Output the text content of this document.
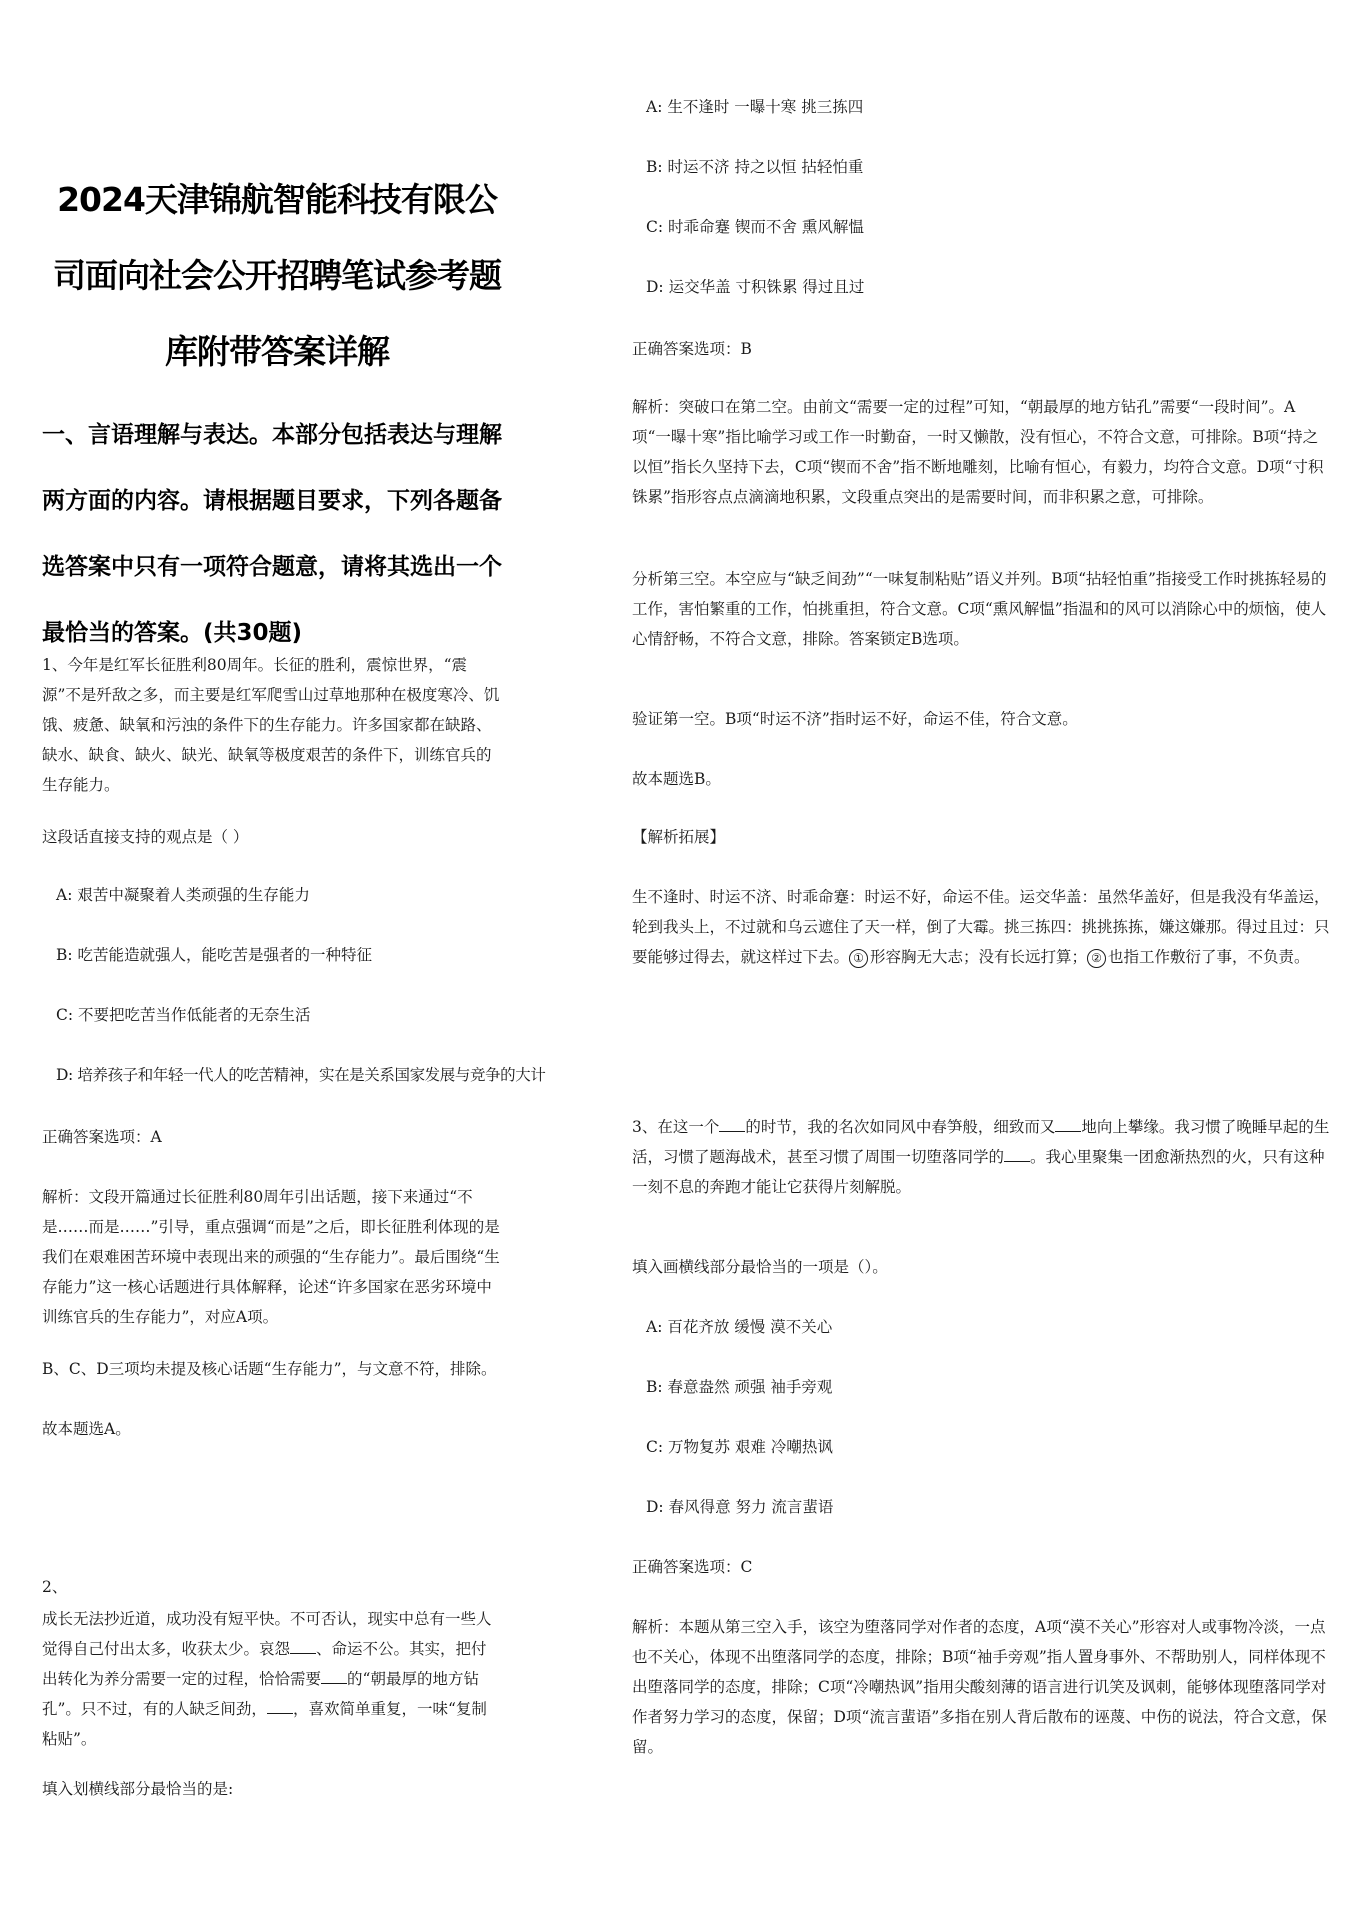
2024天津锦航智能科技有限公司面向社会公开招聘笔试参考题库附带答案详解

一、言语理解与表达。本部分包括表达与理解两方面的内容。请根据题目要求，下列各题备选答案中只有一项符合题意，请将其选出一个最恰当的答案。(共30题)

1、今年是红军长征胜利80周年。长征的胜利，震惊世界，“震源”不是歼敌之多，而主要是红军爬雪山过草地那种在极度寒冷、饥饿、疲惫、缺氧和污浊的条件下的生存能力。许多国家都在缺路、缺水、缺食、缺火、缺光、缺氧等极度艰苦的条件下，训练官兵的生存能力。

这段话直接支持的观点是（ ）

A: 艰苦中凝聚着人类顽强的生存能力

B: 吃苦能造就强人，能吃苦是强者的一种特征

C: 不要把吃苦当作低能者的无奈生活

D: 培养孩子和年轻一代人的吃苦精神，实在是关系国家发展与竞争的大计

正确答案选项：A

解析：文段开篇通过长征胜利80周年引出话题，接下来通过“不是……而是……”引导，重点强调“而是”之后，即长征胜利体现的是我们在艰难困苦环境中表现出来的顽强的“生存能力”。最后围绕“生存能力”这一核心话题进行具体解释，论述“许多国家在恶劣环境中训练官兵的生存能力”，对应A项。

B、C、D三项均未提及核心话题“生存能力”，与文意不符，排除。

故本题选A。

2、

成长无法抄近道，成功没有短平快。不可否认，现实中总有一些人觉得自己付出太多，收获太少。哀怨 、命运不公。其实，把付出转化为养分需要一定的过程，恰恰需要 的“朝最厚的地方钻孔”。只不过，有的人缺乏间劲， ，喜欢简单重复，一味“复制粘贴”。

填入划横线部分最恰当的是:

A: 生不逢时 一曝十寒 挑三拣四

B: 时运不济 持之以恒 拈轻怕重

C: 时乖命蹇 锲而不舍 熏风解愠

D: 运交华盖 寸积铢累 得过且过

正确答案选项：B

解析：突破口在第二空。由前文“需要一定的过程”可知，“朝最厚的地方钻孔”需要“一段时间”。A项“一曝十寒”指比喻学习或工作一时勤奋，一时又懒散，没有恒心，不符合文意，可排除。B项“持之以恒”指长久坚持下去，C项“锲而不舍”指不断地雕刻，比喻有恒心，有毅力，均符合文意。D项“寸积铢累”指形容点点滴滴地积累，文段重点突出的是需要时间，而非积累之意，可排除。

分析第三空。本空应与“缺乏间劲”“一味复制粘贴”语义并列。B项“拈轻怕重”指接受工作时挑拣轻易的工作，害怕繁重的工作，怕挑重担，符合文意。C项“熏风解愠”指温和的风可以消除心中的烦恼，使人心情舒畅，不符合文意，排除。答案锁定B选项。

验证第一空。B项“时运不济”指时运不好，命运不佳，符合文意。

故本题选B。

【解析拓展】

生不逢时、时运不济、时乖命蹇：时运不好，命运不佳。运交华盖：虽然华盖好，但是我没有华盖运，轮到我头上，不过就和乌云遮住了天一样，倒了大霉。挑三拣四：挑挑拣拣，嫌这嫌那。得过且过：只要能够过得去，就这样过下去。 ① 形容胸无大志；没有长远打算； ② 也指工作敷衍了事，不负责。

3、在这一个 的时节，我的名次如同风中春笋般，细致而又 地向上攀缘。我习惯了晚睡早起的生活，习惯了题海战术，甚至习惯了周围一切堕落同学的 。我心里聚集一团愈渐热烈的火，只有这种一刻不息的奔跑才能让它获得片刻解脱。

填入画横线部分最恰当的一项是（）。

A: 百花齐放 缓慢 漠不关心

B: 春意盎然 顽强 袖手旁观

C: 万物复苏 艰难 冷嘲热讽

D: 春风得意 努力 流言蜚语

正确答案选项：C

解析：本题从第三空入手，该空为堕落同学对作者的态度，A项“漠不关心”形容对人或事物冷淡，一点也不关心，体现不出堕落同学的态度，排除；B项“袖手旁观”指人置身事外、不帮助别人，同样体现不出堕落同学的态度，排除；C项“冷嘲热讽”指用尖酸刻薄的语言进行讥笑及讽刺，能够体现堕落同学对作者努力学习的态度，保留；D项“流言蜚语”多指在别人背后散布的诬蔑、中伤的说法，符合文意，保留。
